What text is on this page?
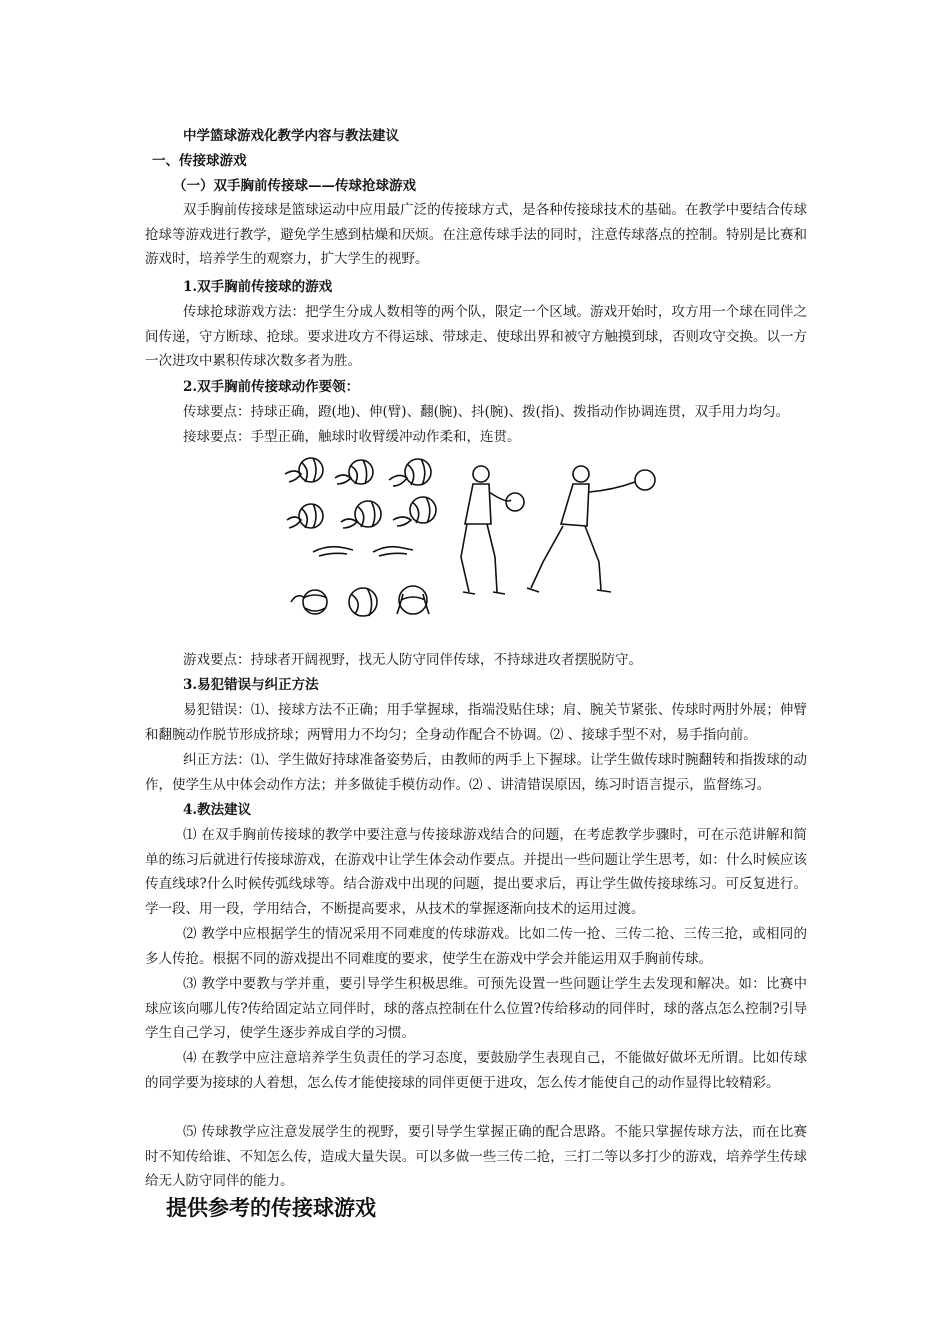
中学篮球游戏化教学内容与教法建议

一、传接球游戏

（一）双手胸前传接球——传球抢球游戏

双手胸前传接球是篮球运动中应用最广泛的传接球方式，是各种传接球技术的基础。在教学中要结合传球抢球等游戏进行教学，避免学生感到枯燥和厌烦。在注意传球手法的同时，注意传球落点的控制。特别是比赛和游戏时，培养学生的观察力，扩大学生的视野。

1.双手胸前传接球的游戏

传球抢球游戏方法：把学生分成人数相等的两个队，限定一个区域。游戏开始时，攻方用一个球在同伴之间传递，守方断球、抢球。要求进攻方不得运球、带球走、使球出界和被守方触摸到球，否则攻守交换。以一方一次进攻中累积传球次数多者为胜。

2.双手胸前传接球动作要领：

传球要点：持球正确，蹬(地)、伸(臂)、翻(腕)、抖(腕)、拨(指)、拨指动作协调连贯，双手用力均匀。

接球要点：手型正确，触球时收臂缓冲动作柔和，连贯。

游戏要点：持球者开阔视野，找无人防守同伴传球，不持球进攻者摆脱防守。

3.易犯错误与纠正方法

易犯错误：⑴、接球方法不正确；用手掌握球，指端没贴住球；肩、腕关节紧张、传球时两肘外展；伸臂和翻腕动作脱节形成挤球；两臂用力不均匀；全身动作配合不协调。⑵ 、接球手型不对，易手指向前。

纠正方法：⑴、学生做好持球准备姿势后，由教师的两手上下握球。让学生做传球时腕翻转和指拨球的动作，使学生从中体会动作方法；并多做徒手模仿动作。⑵ 、讲清错误原因，练习时语言提示，监督练习。

4.教法建议

⑴ 在双手胸前传接球的教学中要注意与传接球游戏结合的问题，在考虑教学步骤时，可在示范讲解和简单的练习后就进行传接球游戏，在游戏中让学生体会动作要点。并提出一些问题让学生思考，如：什么时候应该传直线球?什么时候传弧线球等。结合游戏中出现的问题，提出要求后，再让学生做传接球练习。可反复进行。学一段、用一段，学用结合，不断提高要求，从技术的掌握逐渐向技术的运用过渡。

⑵ 教学中应根据学生的情况采用不同难度的传球游戏。比如二传一抢、三传二抢、三传三抢，或相同的多人传抢。根据不同的游戏提出不同难度的要求，使学生在游戏中学会并能运用双手胸前传球。

⑶ 教学中要教与学并重，要引导学生积极思维。可预先设置一些问题让学生去发现和解决。如：比赛中球应该向哪儿传?传给固定站立同伴时，球的落点控制在什么位置?传给移动的同伴时，球的落点怎么控制?引导学生自己学习，使学生逐步养成自学的习惯。

⑷ 在教学中应注意培养学生负责任的学习态度，要鼓励学生表现自己，不能做好做坏无所谓。比如传球的同学要为接球的人着想，怎么传才能使接球的同伴更便于进攻，怎么传才能使自己的动作显得比较精彩。

⑸ 传球教学应注意发展学生的视野，要引导学生掌握正确的配合思路。不能只掌握传球方法，而在比赛时不知传给谁、不知怎么传，造成大量失误。可以多做一些三传二抢，三打二等以多打少的游戏，培养学生传球给无人防守同伴的能力。

提供参考的传接球游戏
